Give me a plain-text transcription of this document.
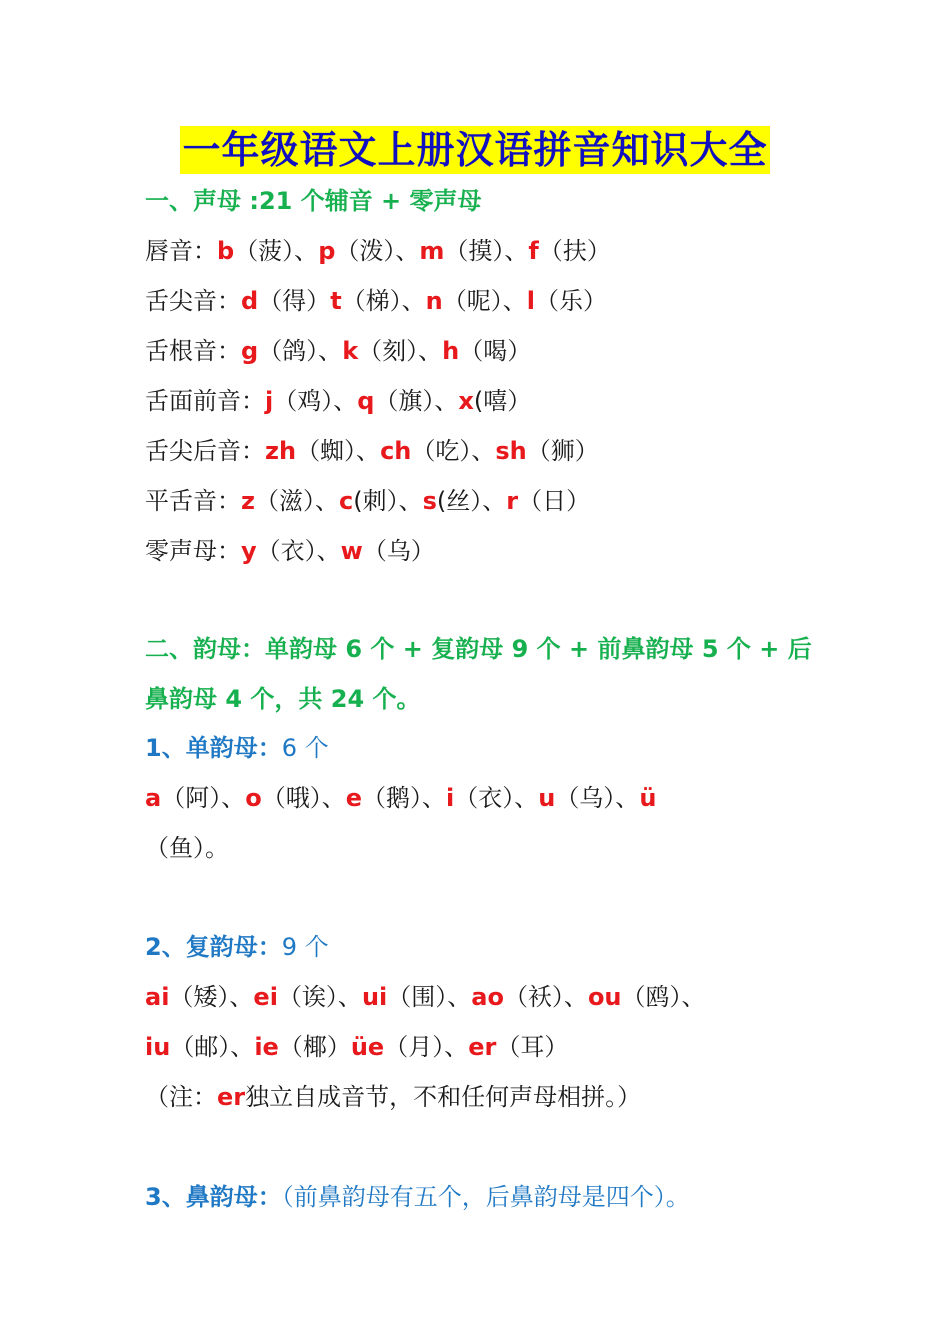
一年级语文上册汉语拼音知识大全
一、声母 :21 个辅音 + 零声母
唇音：b（菠）、p（泼）、m（摸）、f（扶）
舌尖音：d（得）t（梯）、n（呢）、l（乐）
舌根音：g（鸽）、k（刻）、h（喝）
舌面前音：j（鸡）、q（旗）、x(嘻）
舌尖后音：zh（蜘）、ch（吃）、sh（狮）
平舌音：z（滋）、c(刺）、s(丝）、r（日）
零声母：y（衣）、w（乌）
二、韵母：单韵母 6 个 + 复韵母 9 个 + 前鼻韵母 5 个 + 后
鼻韵母 4 个，共 24 个。
1、单韵母：6 个
a（阿）、o（哦）、e（鹅）、i（衣）、u（乌）、ü
（鱼）。
2、复韵母：9 个
ai（矮）、ei（诶）、ui（围）、ao（袄）、ou（鸥）、
iu（邮）、ie（椰）üe（月）、er（耳）
（注：er独立自成音节，不和任何声母相拼。）
3、鼻韵母：（前鼻韵母有五个，后鼻韵母是四个）。
